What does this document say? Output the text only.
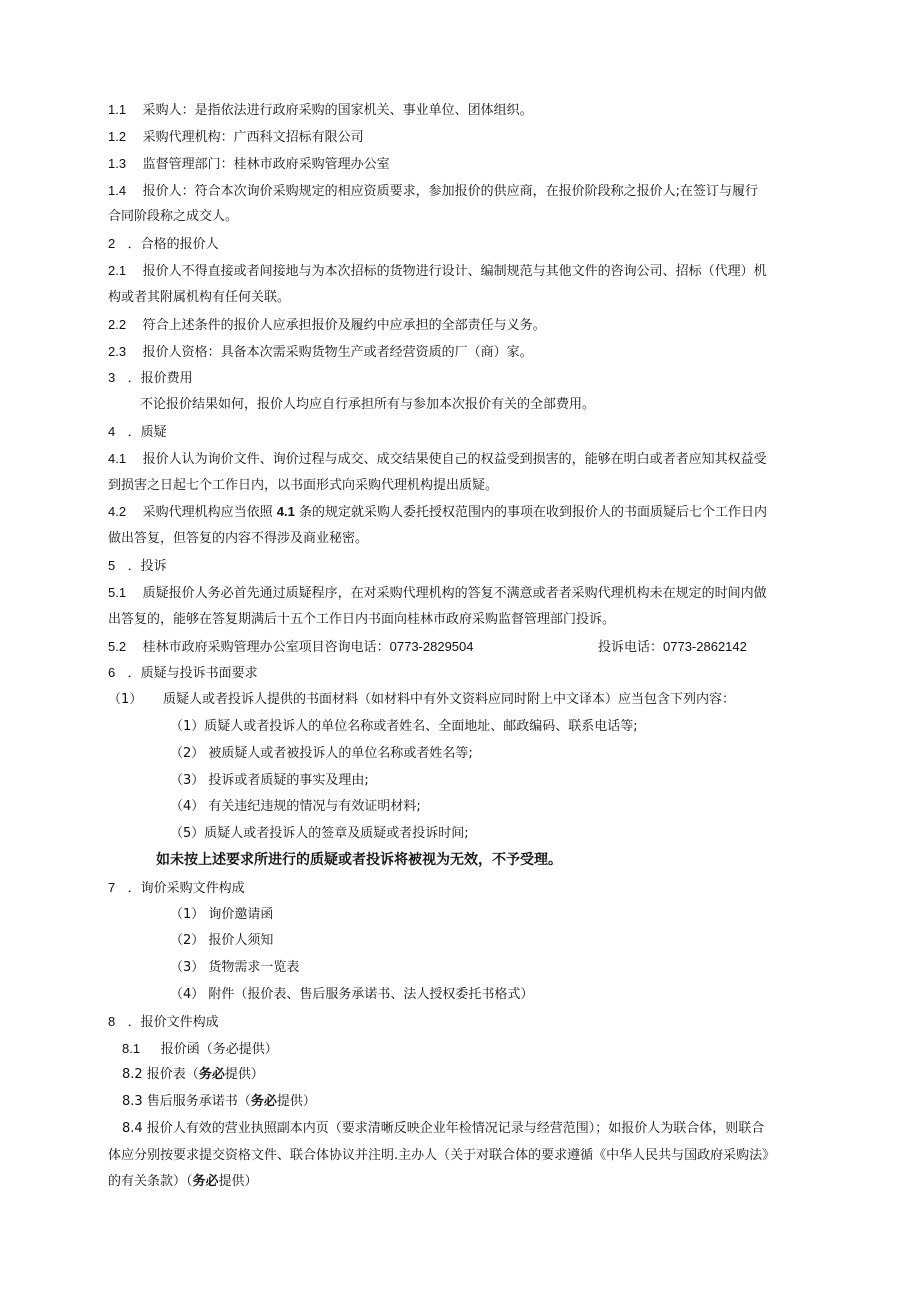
1.1 采购人：是指依法进行政府采购的国家机关、事业单位、团体组织。
1.2 采购代理机构：广西科文招标有限公司
1.3 监督管理部门：桂林市政府采购管理办公室
1.4 报价人：符合本次询价采购规定的相应资质要求，参加报价的供应商，在报价阶段称之报价人;在签订与履行
合同阶段称之成交人。
2 ．合格的报价人
2.1 报价人不得直接或者间接地与为本次招标的货物进行设计、编制规范与其他文件的咨询公司、招标（代理）机
构或者其附属机构有任何关联。
2.2 符合上述条件的报价人应承担报价及履约中应承担的全部责任与义务。
2.3 报价人资格：具备本次需采购货物生产或者经营资质的厂（商）家。
3 ．报价费用
不论报价结果如何，报价人均应自行承担所有与参加本次报价有关的全部费用。
4 ．质疑
4.1 报价人认为询价文件、询价过程与成交、成交结果使自己的权益受到损害的，能够在明白或者者应知其权益受
到损害之日起七个工作日内，以书面形式向采购代理机构提出质疑。
4.2 采购代理机构应当依照 4.1 条的规定就采购人委托授权范围内的事项在收到报价人的书面质疑后七个工作日内
做出答复，但答复的内容不得涉及商业秘密。
5 ．投诉
5.1 质疑报价人务必首先通过质疑程序，在对采购代理机构的答复不满意或者者采购代理机构未在规定的时间内做
出答复的，能够在答复期满后十五个工作日内书面向桂林市政府采购监督管理部门投诉。
5.2 桂林市政府采购管理办公室项目咨询电话：0773-2829504	投诉电话：0773-2862142
6 ．质疑与投诉书面要求
（1） 质疑人或者投诉人提供的书面材料（如材料中有外文资料应同时附上中文译本）应当包含下列内容：
（1）质疑人或者投诉人的单位名称或者姓名、全面地址、邮政编码、联系电话等;
（2） 被质疑人或者被投诉人的单位名称或者姓名等;
（3） 投诉或者质疑的事实及理由;
（4） 有关违纪违规的情况与有效证明材料;
（5）质疑人或者投诉人的签章及质疑或者投诉时间;
如未按上述要求所进行的质疑或者投诉将被视为无效，不予受理。
7 ．询价采购文件构成
（1） 询价邀请函
（2） 报价人须知
（3） 货物需求一览表
（4） 附件（报价表、售后服务承诺书、法人授权委托书格式）
8 ．报价文件构成
8.1 报价函（务必提供）
8.2 报价表（务必提供）
8.3 售后服务承诺书（务必提供）
8.4 报价人有效的营业执照副本内页（要求清晰反映企业年检情况记录与经营范围）；如报价人为联合体，则联合
体应分别按要求提交资格文件、联合体协议并注明.主办人（关于对联合体的要求遵循《中华人民共与国政府采购法》
的有关条款）（务必提供）
